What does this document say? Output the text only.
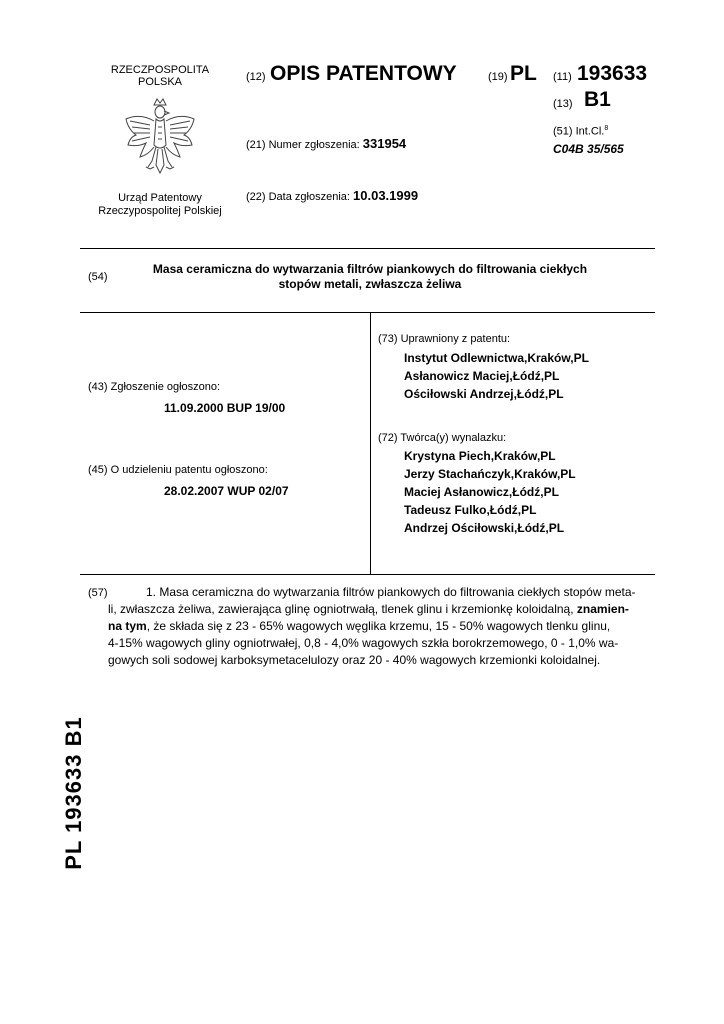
RZECZPOSPOLITA
POLSKA
Urząd Patentowy
Rzeczypospolitej Polskiej
(12) OPIS PATENTOWY	(19) PL (11) 193633
(13) B1
(21) Numer zgłoszenia: 331954
(51) Int.Cl.$^8$
C04B 35/565
(22) Data zgłoszenia: 10.03.1999
(54)
Masa ceramiczna do wytwarzania filtrów piankowych do filtrowania ciekłych
stopów metali, zwłaszcza żeliwa
(43) Zgłoszenie ogłoszono:
11.09.2000 BUP 19/00
(45) O udzieleniu patentu ogłoszono:
28.02.2007 WUP 02/07
(73) Uprawniony z patentu:
Instytut Odlewnictwa,Kraków,PL
Asłanowicz Maciej,Łódź,PL
Ościłowski Andrzej,Łódź,PL
(72) Twórca(y) wynalazku:
Krystyna Piech,Kraków,PL
Jerzy Stachańczyk,Kraków,PL
Maciej Asłanowicz,Łódź,PL
Tadeusz Fulko,Łódź,PL
Andrzej Ościłowski,Łódź,PL
(57)	1. Masa ceramiczna do wytwarzania filtrów piankowych do filtrowania ciekłych stopów meta-
li, zwłaszcza żeliwa, zawierająca glinę ogniotrwałą, tlenek glinu i krzemionkę koloidalną, znamien-
na tym, że składa się z 23 - 65% wagowych węglika krzemu, 15 - 50% wagowych tlenku glinu,
4-15% wagowych gliny ogniotrwałej, 0,8 - 4,0% wagowych szkła borokrzemowego, 0 - 1,0% wa-
gowych soli sodowej karboksymetacelulozy oraz 20 - 40% wagowych krzemionki koloidalnej.
PL 193633 B1
